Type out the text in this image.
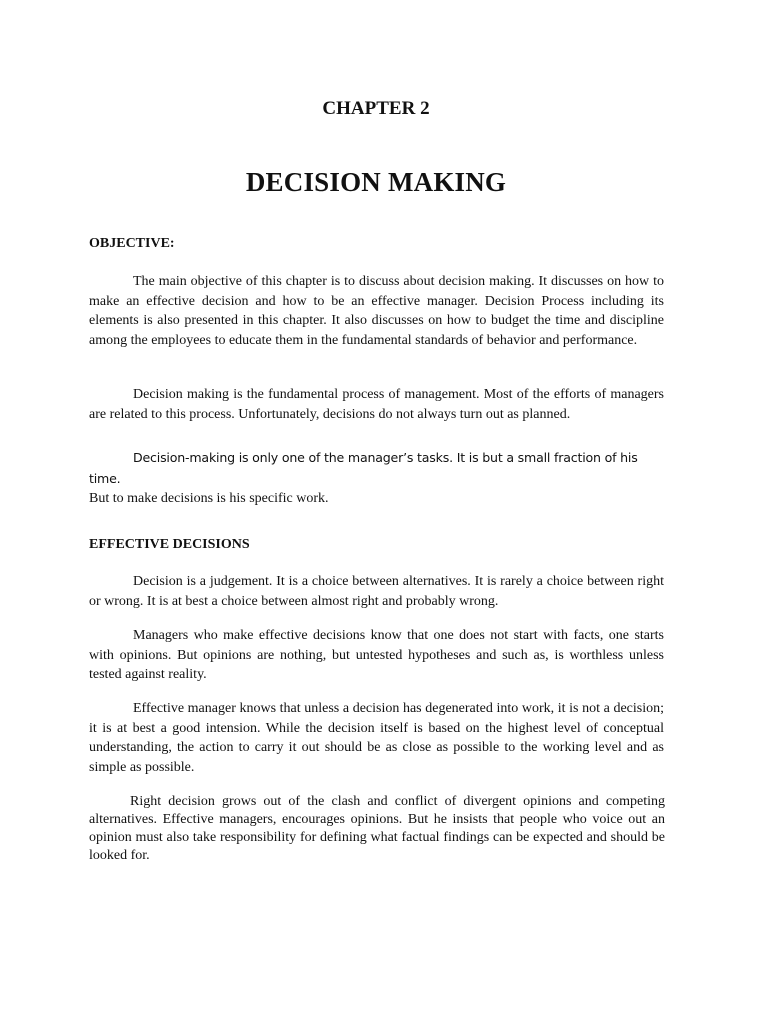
CHAPTER 2
DECISION MAKING
OBJECTIVE:

The main objective of this chapter is to discuss about decision making. It discusses on how to make an effective decision and how to be an effective manager. Decision Process including its elements is also presented in this chapter. It also discusses on how to budget the time and discipline among the employees to educate them in the fundamental standards of behavior and performance.

Decision making is the fundamental process of management. Most of the efforts of managers are related to this process. Unfortunately, decisions do not always turn out as planned.

Decision-making is only one of the manager’s tasks. It is but a small fraction of his time.
But to make decisions is his specific work.

EFFECTIVE DECISIONS

Decision is a judgement. It is a choice between alternatives. It is rarely a choice between right or wrong. It is at best a choice between almost right and probably wrong.

Managers who make effective decisions know that one does not start with facts, one starts with opinions. But opinions are nothing, but untested hypotheses and such as, is worthless unless tested against reality.

Effective manager knows that unless a decision has degenerated into work, it is not a decision; it is at best a good intension. While the decision itself is based on the highest level of conceptual understanding, the action to carry it out should be as close as possible to the working level and as simple as possible.

Right decision grows out of the clash and conflict of divergent opinions and competing alternatives. Effective managers, encourages opinions. But he insists that people who voice out an opinion must also take responsibility for defining what factual findings can be expected and should be looked for.
